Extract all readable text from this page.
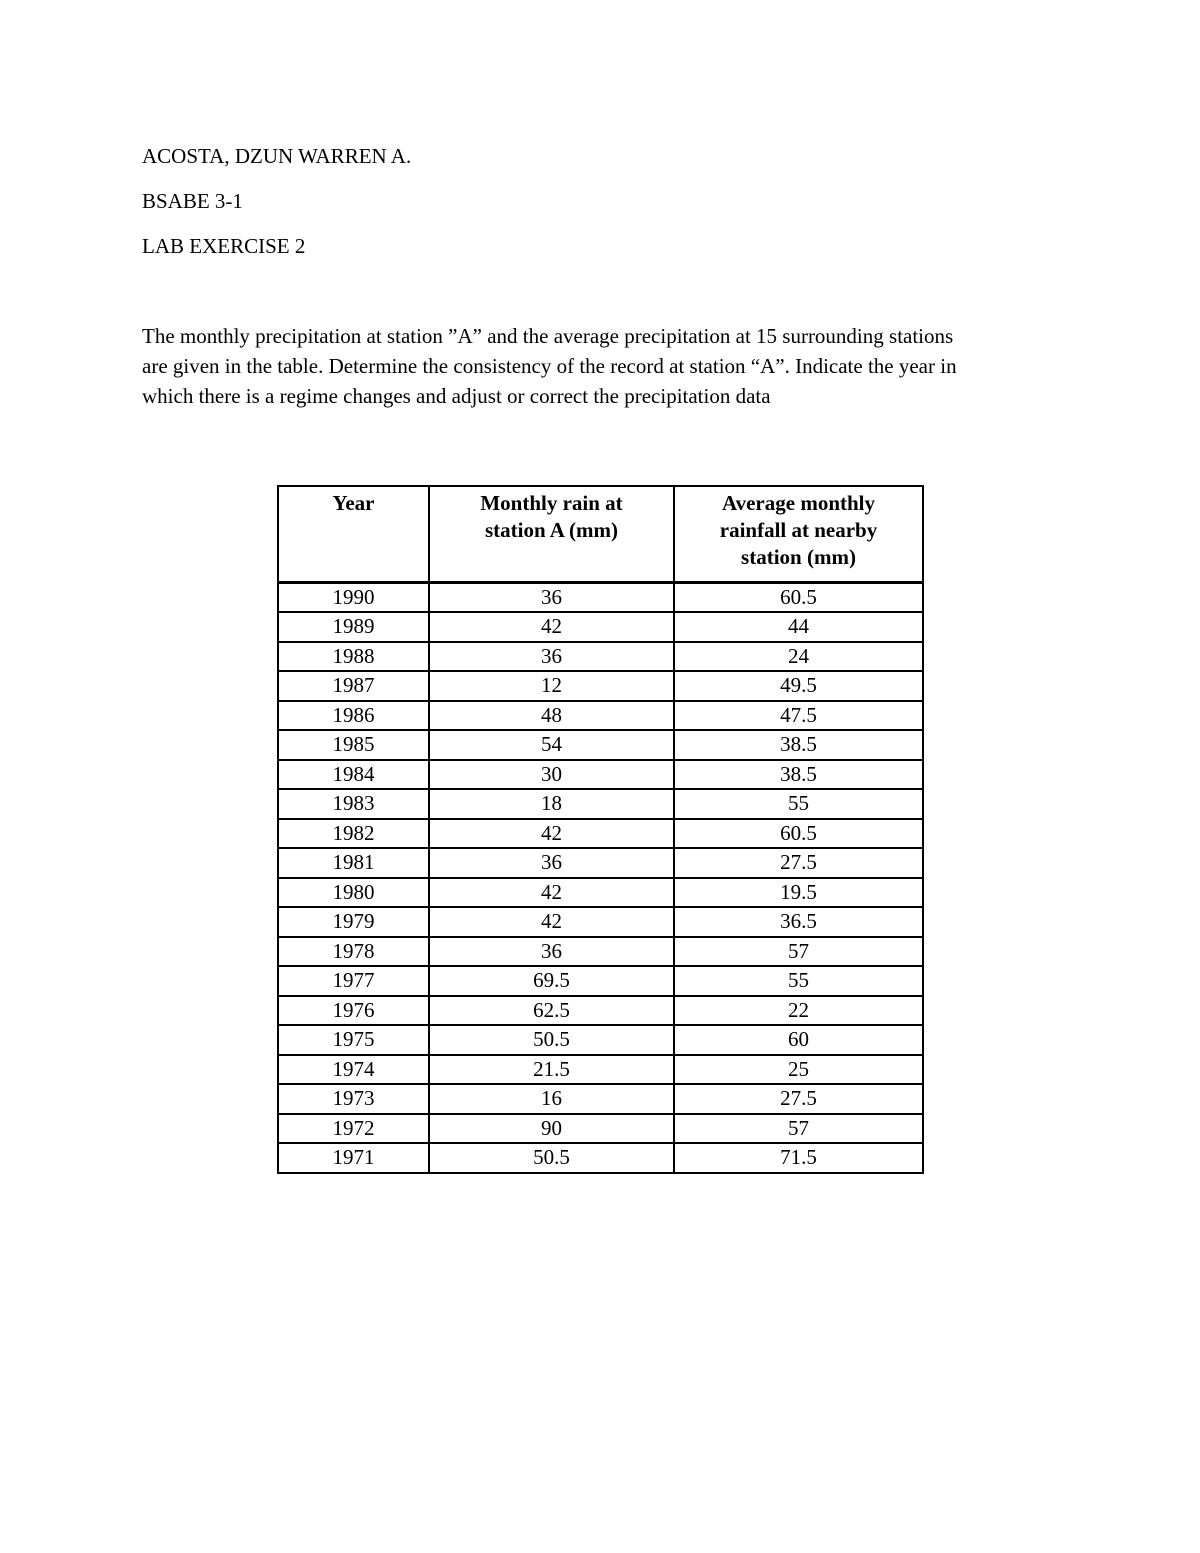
ACOSTA, DZUN WARREN A.
BSABE 3-1
LAB EXERCISE 2
The monthly precipitation at station ”A” and the average precipitation at 15 surrounding stations
are given in the table. Determine the consistency of the record at station “A”. Indicate the year in
which there is a regime changes and adjust or correct the precipitation data
Year	Monthly rain at station A (mm)	Average monthly rainfall at nearby station (mm)

1990	36	60.5
1989	42	44
1988	36	24
1987	12	49.5
1986	48	47.5
1985	54	38.5
1984	30	38.5
1983	18	55
1982	42	60.5
1981	36	27.5
1980	42	19.5
1979	42	36.5
1978	36	57
1977	69.5	55
1976	62.5	22
1975	50.5	60
1974	21.5	25
1973	16	27.5
1972	90	57
1971	50.5	71.5
